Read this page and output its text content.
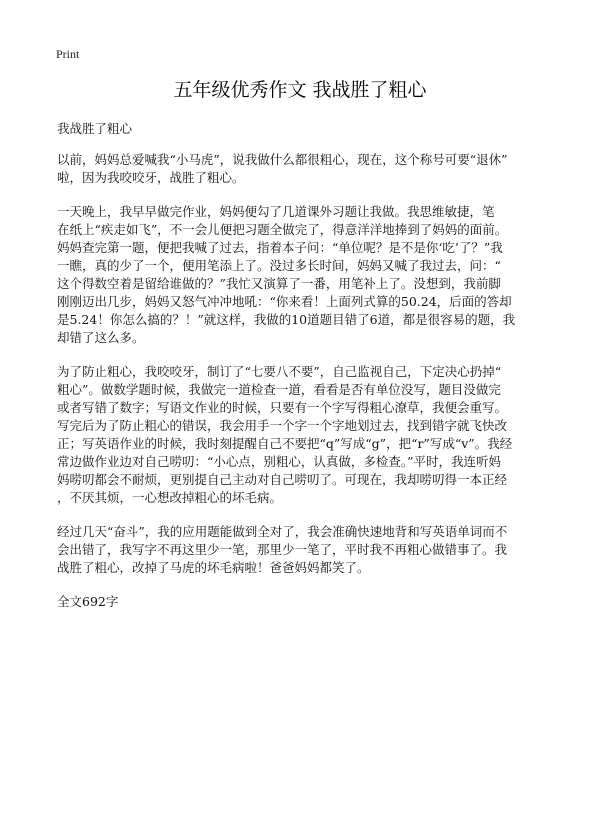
Print
五年级优秀作文 我战胜了粗心

我战胜了粗心

以前，妈妈总爱喊我“小马虎”，说我做什么都很粗心，现在，这个称号可要“退休”
啦，因为我咬咬牙，战胜了粗心。

一天晚上，我早早做完作业，妈妈便勾了几道课外习题让我做。我思维敏捷，笔
在纸上“疾走如飞”，不一会儿便把习题全做完了，得意洋洋地捧到了妈妈的面前。
妈妈查完第一题，便把我喊了过去，指着本子问：“单位呢？是不是你‘吃’了？”我
一瞧，真的少了一个，便用笔添上了。没过多长时间，妈妈又喊了我过去，问：“
这个得数空着是留给谁做的？”我忙又演算了一番，用笔补上了。没想到，我前脚
刚刚迈出几步，妈妈又怒气冲冲地吼：“你来看！上面列式算的50.24，后面的答却
是5.24！你怎么搞的？！”就这样，我做的10道题目错了6道，都是很容易的题，我
却错了这么多。

为了防止粗心，我咬咬牙，制订了“七要八不要”，自己监视自己，下定决心扔掉“
粗心”。做数学题时候，我做完一道检查一道，看看是否有单位没写，题目没做完
或者写错了数字；写语文作业的时候，只要有一个字写得粗心潦草，我便会重写。
写完后为了防止粗心的错误，我会用手一个字一个字地划过去，找到错字就飞快改
正；写英语作业的时候，我时刻提醒自己不要把“q”写成“g”，把“r”写成“v”。我经
常边做作业边对自己唠叨：“小心点，别粗心，认真做，多检查。”平时，我连听妈
妈唠叨都会不耐烦，更别提自己主动对自己唠叨了。可现在，我却唠叨得一本正经
，不厌其烦，一心想改掉粗心的坏毛病。

经过几天“奋斗”，我的应用题能做到全对了，我会准确快速地背和写英语单词而不
会出错了，我写字不再这里少一笔，那里少一笔了，平时我不再粗心做错事了。我
战胜了粗心，改掉了马虎的坏毛病啦！爸爸妈妈都笑了。

全文692字
